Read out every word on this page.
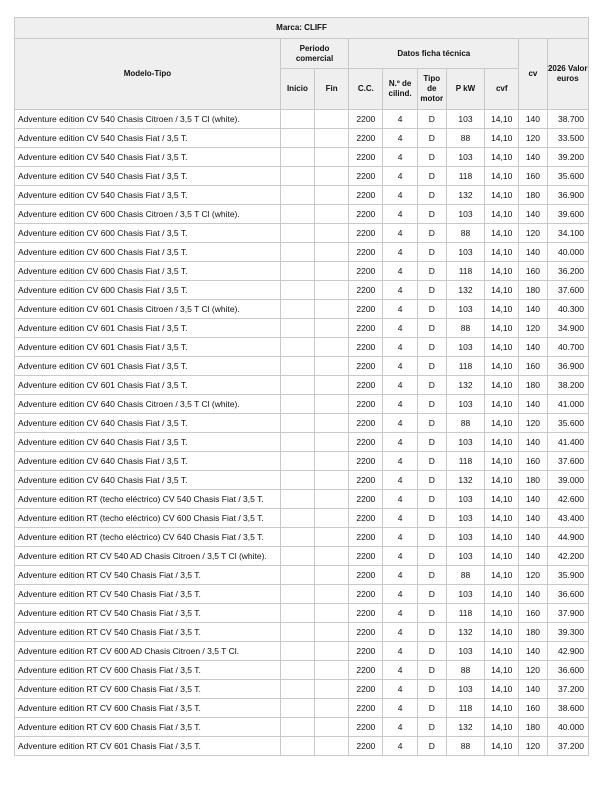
Marca: CLIFF									
Modelo-Tipo	Periodo comercial		Datos ficha técnica					cv	2026 Valor euros
	Inicio	Fin	C.C.	N.º de cilind.	Tipo de motor	P kW	cvf		
Adventure edition CV 540 Chasis Citroen / 3,5 T Cl (white).			2200	4	D	103	14,10	140	38.700
Adventure edition CV 540 Chasis Fiat / 3,5 T.			2200	4	D	88	14,10	120	33.500
Adventure edition CV 540 Chasis Fiat / 3,5 T.			2200	4	D	103	14,10	140	39.200
Adventure edition CV 540 Chasis Fiat / 3,5 T.			2200	4	D	118	14,10	160	35.600
Adventure edition CV 540 Chasis Fiat / 3,5 T.			2200	4	D	132	14,10	180	36.900
Adventure edition CV 600 Chasis Citroen / 3,5 T Cl (white).			2200	4	D	103	14,10	140	39.600
Adventure edition CV 600 Chasis Fiat / 3,5 T.			2200	4	D	88	14,10	120	34.100
Adventure edition CV 600 Chasis Fiat / 3,5 T.			2200	4	D	103	14,10	140	40.000
Adventure edition CV 600 Chasis Fiat / 3,5 T.			2200	4	D	118	14,10	160	36.200
Adventure edition CV 600 Chasis Fiat / 3,5 T.			2200	4	D	132	14,10	180	37.600
Adventure edition CV 601 Chasis Citroen / 3,5 T Cl (white).			2200	4	D	103	14,10	140	40.300
Adventure edition CV 601 Chasis Fiat / 3,5 T.			2200	4	D	88	14,10	120	34.900
Adventure edition CV 601 Chasis Fiat / 3,5 T.			2200	4	D	103	14,10	140	40.700
Adventure edition CV 601 Chasis Fiat / 3,5 T.			2200	4	D	118	14,10	160	36.900
Adventure edition CV 601 Chasis Fiat / 3,5 T.			2200	4	D	132	14,10	180	38.200
Adventure edition CV 640 Chasis Citroen / 3,5 T Cl (white).			2200	4	D	103	14,10	140	41.000
Adventure edition CV 640 Chasis Fiat / 3,5 T.			2200	4	D	88	14,10	120	35.600
Adventure edition CV 640 Chasis Fiat / 3,5 T.			2200	4	D	103	14,10	140	41.400
Adventure edition CV 640 Chasis Fiat / 3,5 T.			2200	4	D	118	14,10	160	37.600
Adventure edition CV 640 Chasis Fiat / 3,5 T.			2200	4	D	132	14,10	180	39.000
Adventure edition RT (techo eléctrico) CV 540 Chasis Fiat / 3,5 T.			2200	4	D	103	14,10	140	42.600
Adventure edition RT (techo eléctrico) CV 600 Chasis Fiat / 3,5 T.			2200	4	D	103	14,10	140	43.400
Adventure edition RT (techo eléctrico) CV 640 Chasis Fiat / 3,5 T.			2200	4	D	103	14,10	140	44.900
Adventure edition RT CV 540 AD Chasis Citroen / 3,5 T Cl (white).			2200	4	D	103	14,10	140	42.200
Adventure edition RT CV 540 Chasis Fiat / 3,5 T.			2200	4	D	88	14,10	120	35.900
Adventure edition RT CV 540 Chasis Fiat / 3,5 T.			2200	4	D	103	14,10	140	36.600
Adventure edition RT CV 540 Chasis Fiat / 3,5 T.			2200	4	D	118	14,10	160	37.900
Adventure edition RT CV 540 Chasis Fiat / 3,5 T.			2200	4	D	132	14,10	180	39.300
Adventure edition RT CV 600 AD Chasis Citroen / 3,5 T Cl.			2200	4	D	103	14,10	140	42.900
Adventure edition RT CV 600 Chasis Fiat / 3,5 T.			2200	4	D	88	14,10	120	36.600
Adventure edition RT CV 600 Chasis Fiat / 3,5 T.			2200	4	D	103	14,10	140	37.200
Adventure edition RT CV 600 Chasis Fiat / 3,5 T.			2200	4	D	118	14,10	160	38.600
Adventure edition RT CV 600 Chasis Fiat / 3,5 T.			2200	4	D	132	14,10	180	40.000
Adventure edition RT CV 601 Chasis Fiat / 3,5 T.			2200	4	D	88	14,10	120	37.200
